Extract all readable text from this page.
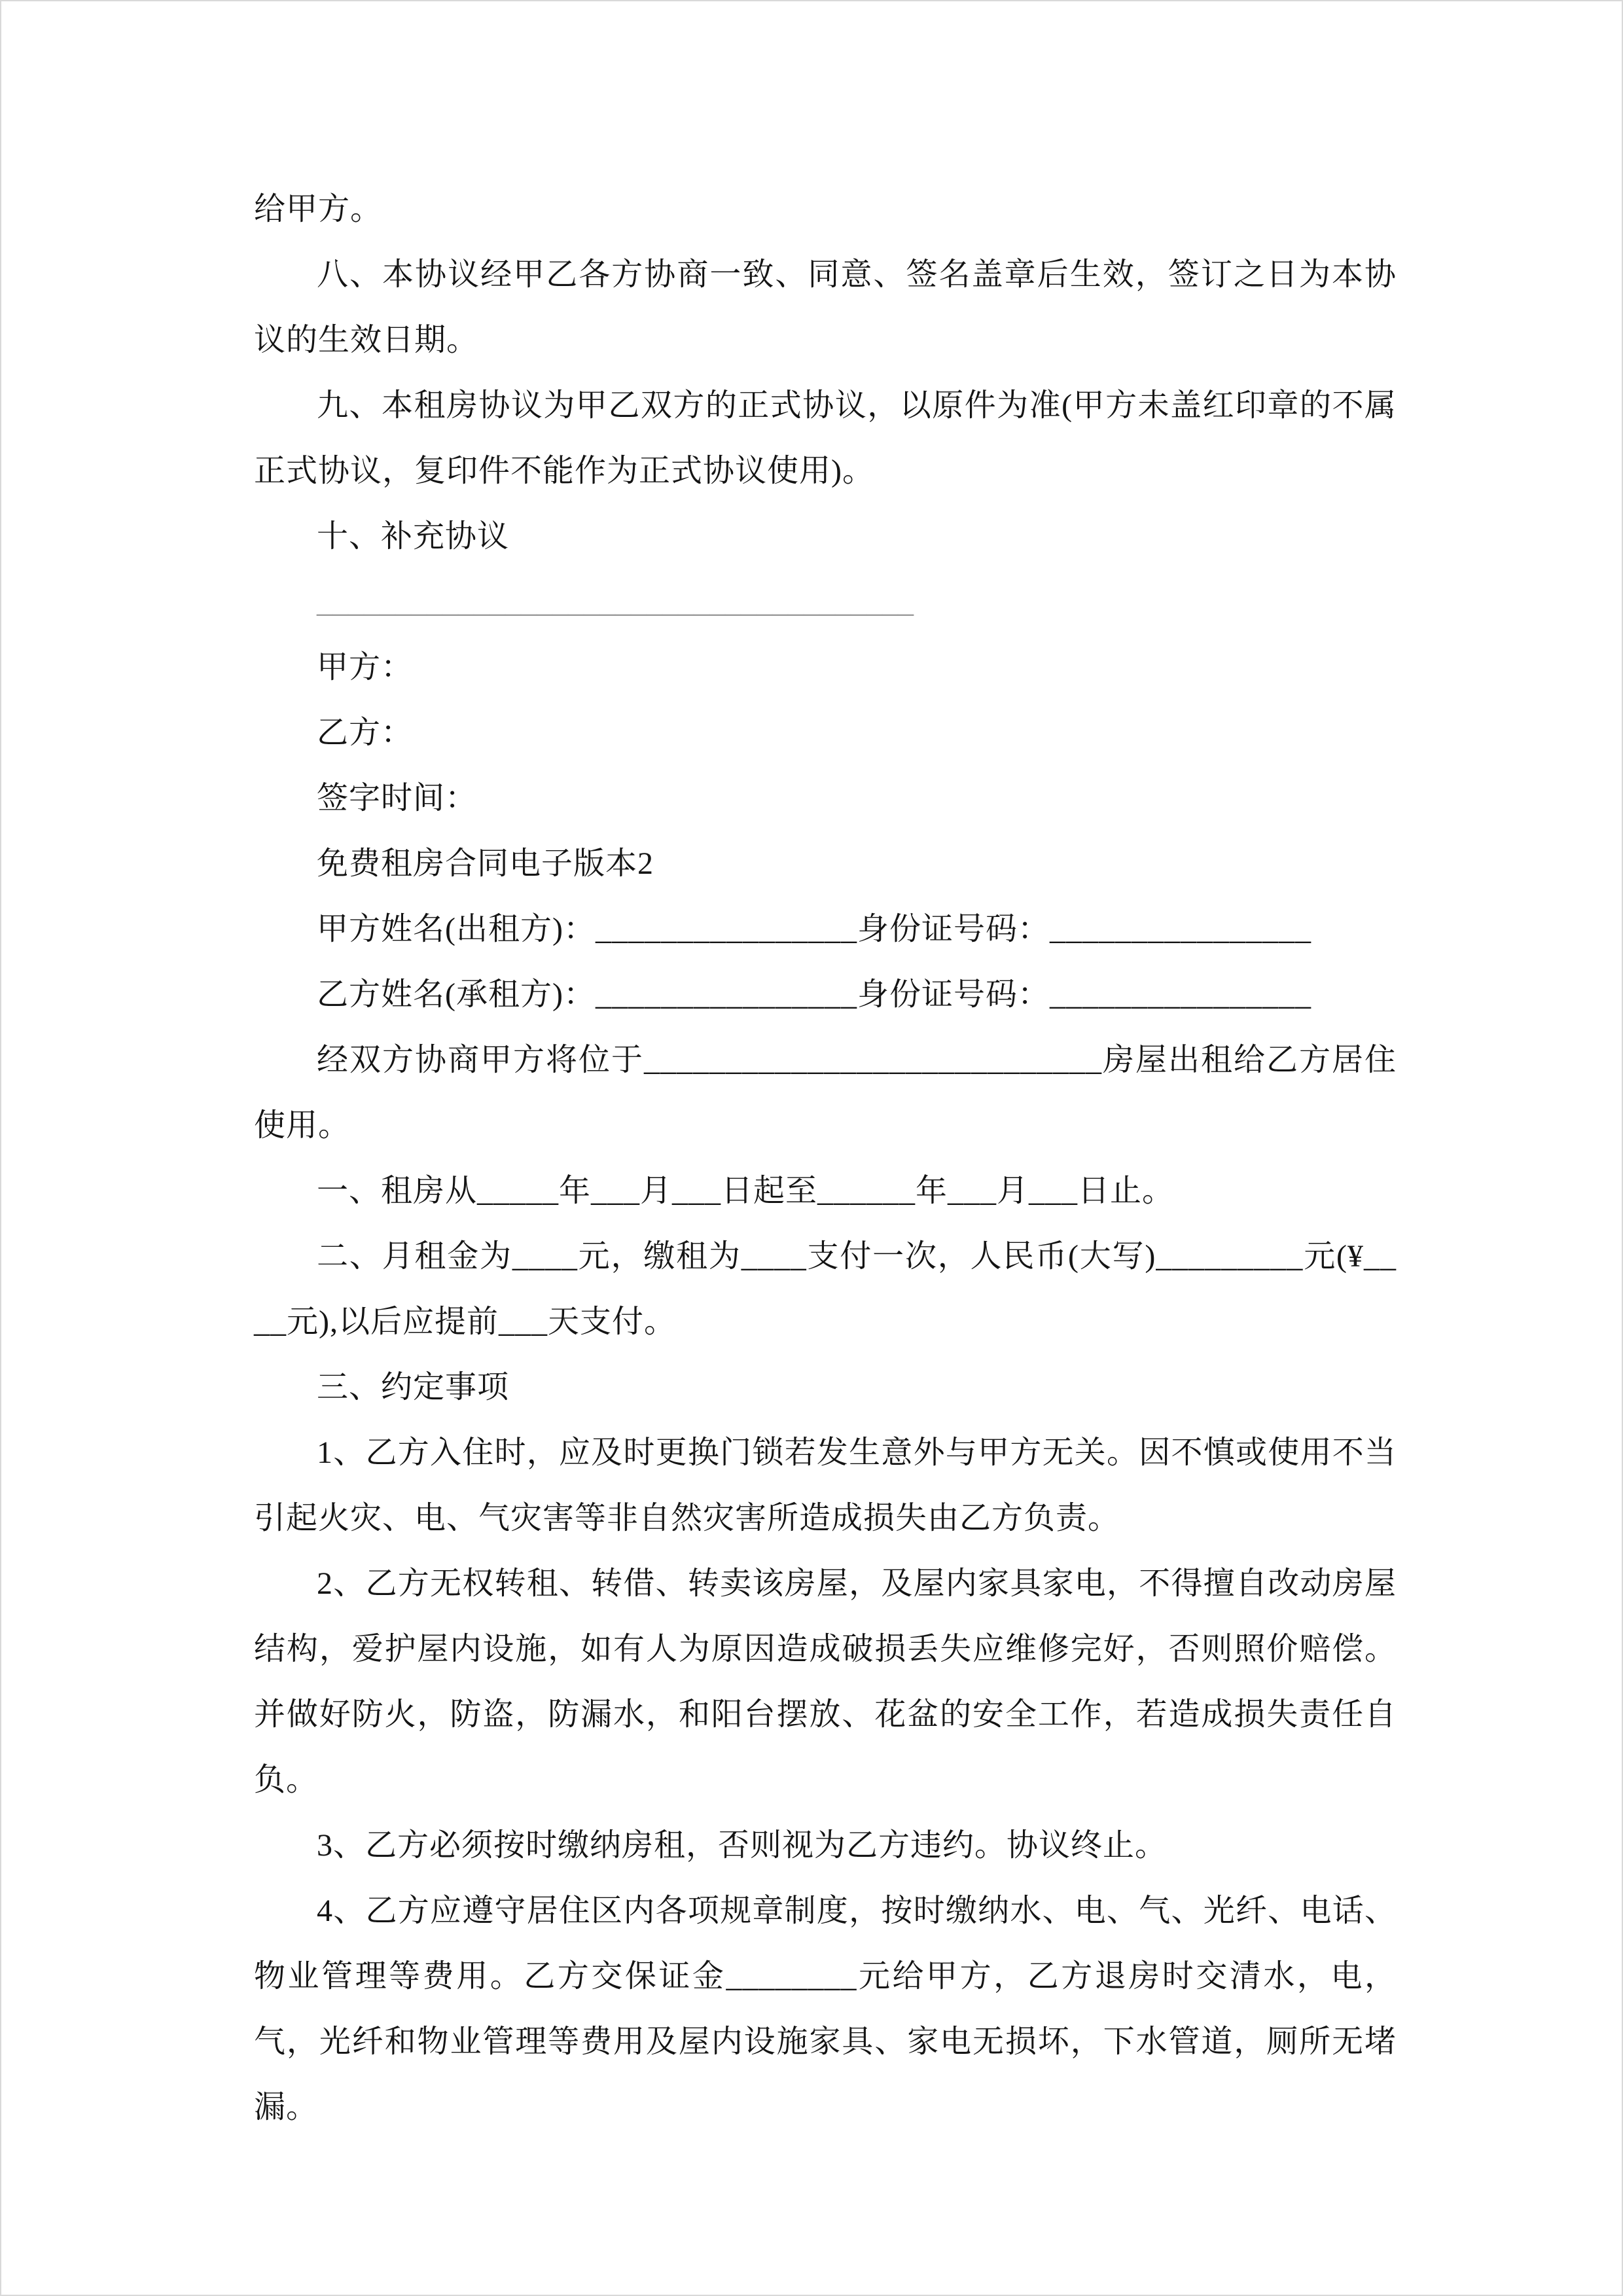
给甲方。

八、本协议经甲乙各方协商一致、同意、签名盖章后生效，签订之日为本协议的生效日期。

九、本租房协议为甲乙双方的正式协议，以原件为准(甲方未盖红印章的不属正式协议，复印件不能作为正式协议使用)。

十、补充协议

______________________________________

甲方：

乙方：

签字时间：

免费租房合同电子版本2

甲方姓名(出租方)：________________身份证号码：________________

乙方姓名(承租方)：________________身份证号码：________________

经双方协商甲方将位于____________________________房屋出租给乙方居住使用。

一、租房从_____年___月___日起至______年___月___日止。

二、月租金为____元，缴租为____支付一次，人民币(大写)_________元(¥____元),以后应提前___天支付。

三、约定事项

1、乙方入住时，应及时更换门锁若发生意外与甲方无关。因不慎或使用不当引起火灾、电、气灾害等非自然灾害所造成损失由乙方负责。

2、乙方无权转租、转借、转卖该房屋，及屋内家具家电，不得擅自改动房屋结构，爱护屋内设施，如有人为原因造成破损丢失应维修完好，否则照价赔偿。并做好防火，防盗，防漏水，和阳台摆放、花盆的安全工作，若造成损失责任自负。

3、乙方必须按时缴纳房租，否则视为乙方违约。协议终止。

4、乙方应遵守居住区内各项规章制度，按时缴纳水、电、气、光纤、电话、物业管理等费用。乙方交保证金________元给甲方，乙方退房时交清水，电，气，光纤和物业管理等费用及屋内设施家具、家电无损坏，下水管道，厕所无堵漏。
